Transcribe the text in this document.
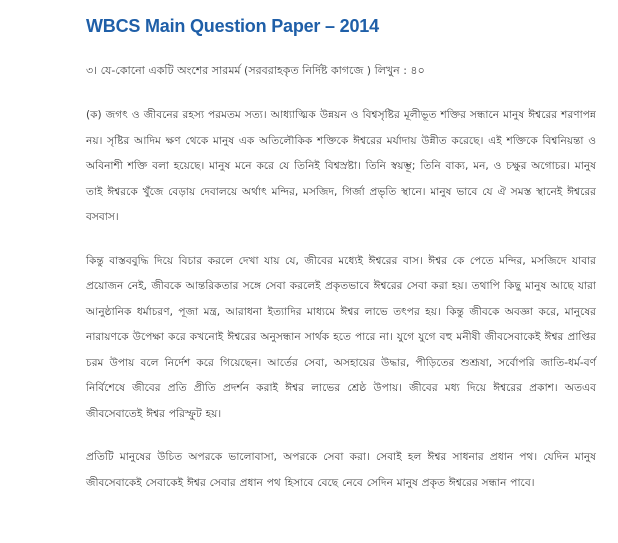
WBCS Main Question Paper – 2014

৩। যে-কোনো একটি অংশের সারমর্ম (সরবরাহকৃত নির্দিষ্ট কাগজে ) লিখুন : ৪০

(ক) জগৎ ও জীবনের রহস্য পরমতম সত্য। আধ্যাত্মিক উন্নয়ন ও বিশ্বসৃষ্টির মূলীভূত শক্তির সন্ধানে মানুষ ঈশ্বরের শরণাপন্ন নয়। সৃষ্টির আদিম ক্ষণ থেকে মানুষ এক অতিলৌকিক শক্তিকে ঈশ্বরের মর্যাদায় উন্নীত করেছে। এই শক্তিকে বিশ্বনিয়ন্তা ও অবিনাশী শক্তি বলা হয়েছে। মানুষ মনে করে যে তিনিই বিশ্বস্রষ্টা। তিনি স্বয়ম্ভূ; তিনি বাক্য, মন, ও চক্ষুর অগোচর। মানুষ তাই ঈশ্বরকে খুঁজে বেড়ায় দেবালয়ে অর্থাৎ মন্দির, মসজিদ, গির্জা প্রভৃতি স্থানে। মানুষ ভাবে যে ঐ সমস্ত স্থানেই ঈশ্বরের বসবাস।

কিন্তু বাস্তববুদ্ধি দিয়ে বিচার করলে দেখা যায় যে, জীবের মধ্যেই ঈশ্বরের বাস। ঈশ্বর কে পেতে মন্দির, মসজিদে যাবার প্রয়োজন নেই, জীবকে আন্তরিকতার সঙ্গে সেবা করলেই প্রকৃতভাবে ঈশ্বরের সেবা করা হয়। তথাপি কিছু মানুষ আছে যারা আনুষ্ঠানিক ধর্মাচরণ, পূজা মন্ত্র, আরাধনা ইত্যাদির মাধ্যমে ঈশ্বর লাভে তৎপর হয়। কিন্তু জীবকে অবজ্ঞা করে, মানুষের নারায়ণকে উপেক্ষা করে কখনোই ঈশ্বরের অনুসন্ধান সার্থক হতে পারে না। যুগে যুগে বহু মনীষী জীবসেবাকেই ঈশ্বর প্রাপ্তির চরম উপায় বলে নির্দেশ করে গিয়েছেন। আর্তের সেবা, অসহায়ের উদ্ধার, পীড়িতের শুশ্রূষা, সর্বোপরি জাতি-ধর্ম-বর্ণ নির্বিশেষে জীবের প্রতি প্রীতি প্রদর্শন করাই ঈশ্বর লাভের শ্রেষ্ঠ উপায়। জীবের মধ্য দিয়ে ঈশ্বরের প্রকাশ। অতএব জীবসেবাতেই ঈশ্বর পরিস্ফুট হয়।

প্রতিটি মানুষের উচিত অপরকে ভালোবাসা, অপরকে সেবা করা। সেবাই হল ঈশ্বর সাধনার প্রধান পথ। যেদিন মানুষ জীবসেবাকেই সেবাকেই ঈশ্বর সেবার প্রধান পথ হিসাবে বেছে নেবে সেদিন মানুষ প্রকৃত ঈশ্বরের সন্ধান পাবে।
